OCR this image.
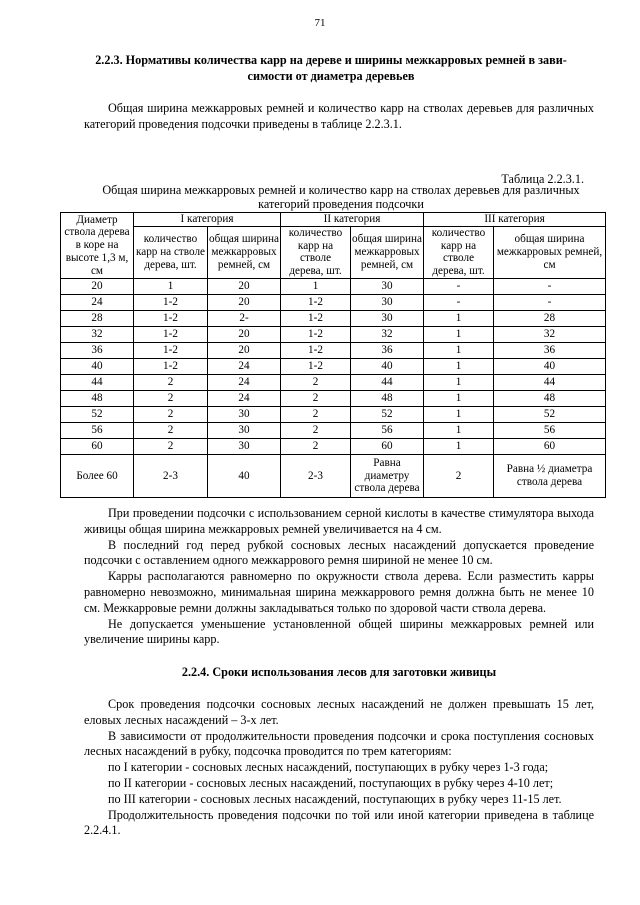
71
2.2.3. Нормативы количества карр на дереве и ширины межкарровых ремней в зави-
симости от диаметра деревьев

Общая ширина межкарровых ремней и количество карр на стволах деревьев для различных категорий проведения подсочки приведены в таблице 2.2.3.1.

Таблица 2.2.3.1.
Общая ширина межкарровых ремней и количество карр на стволах деревьев для различных категорий проведения подсочки
Диаметр ствола дерева в коре на высоте 1,3 м, см	I категория		II категория		III категория	
	количество карр на стволе дерева, шт.	общая ширина межкарровых ремней, см	количество карр на стволе дерева, шт.	общая ширина межкарровых ремней, см	количество карр на стволе дерева, шт.	общая ширина межкарровых ремней, см
20	1	20	1	30	-	-
24	1-2	20	1-2	30	-	-
28	1-2	2-	1-2	30	1	28
32	1-2	20	1-2	32	1	32
36	1-2	20	1-2	36	1	36
40	1-2	24	1-2	40	1	40
44	2	24	2	44	1	44
48	2	24	2	48	1	48
52	2	30	2	52	1	52
56	2	30	2	56	1	56
60	2	30	2	60	1	60
Более 60	2-3	40	2-3	Равна диаметру ствола дерева	2	Равна ½ диаметра ствола дерева

При проведении подсочки с использованием серной кислоты в качестве стимулятора выхода живицы общая ширина межкарровых ремней увеличивается на 4 см.

В последний год перед рубкой сосновых лесных насаждений допускается проведение подсочки с оставлением одного межкаррового ремня шириной не менее 10 см.

Карры располагаются равномерно по окружности ствола дерева. Если разместить карры равномерно невозможно, минимальная ширина межкаррового ремня должна быть не менее 10 см. Межкарровые ремни должны закладываться только по здоровой части ствола дерева.

Не допускается уменьшение установленной общей ширины межкарровых ремней или увеличение ширины карр.

2.2.4. Сроки использования лесов для заготовки живицы

Срок проведения подсочки сосновых лесных насаждений не должен превышать 15 лет, еловых лесных насаждений – 3-х лет.

В зависимости от продолжительности проведения подсочки и срока поступления сосновых лесных насаждений в рубку, подсочка проводится по трем категориям:

по I категории - сосновых лесных насаждений, поступающих в рубку через 1-3 года;

по II категории - сосновых лесных насаждений, поступающих в рубку через 4-10 лет;

по III категории - сосновых лесных насаждений, поступающих в рубку через 11-15 лет.

Продолжительность проведения подсочки по той или иной категории приведена в таблице 2.2.4.1.
